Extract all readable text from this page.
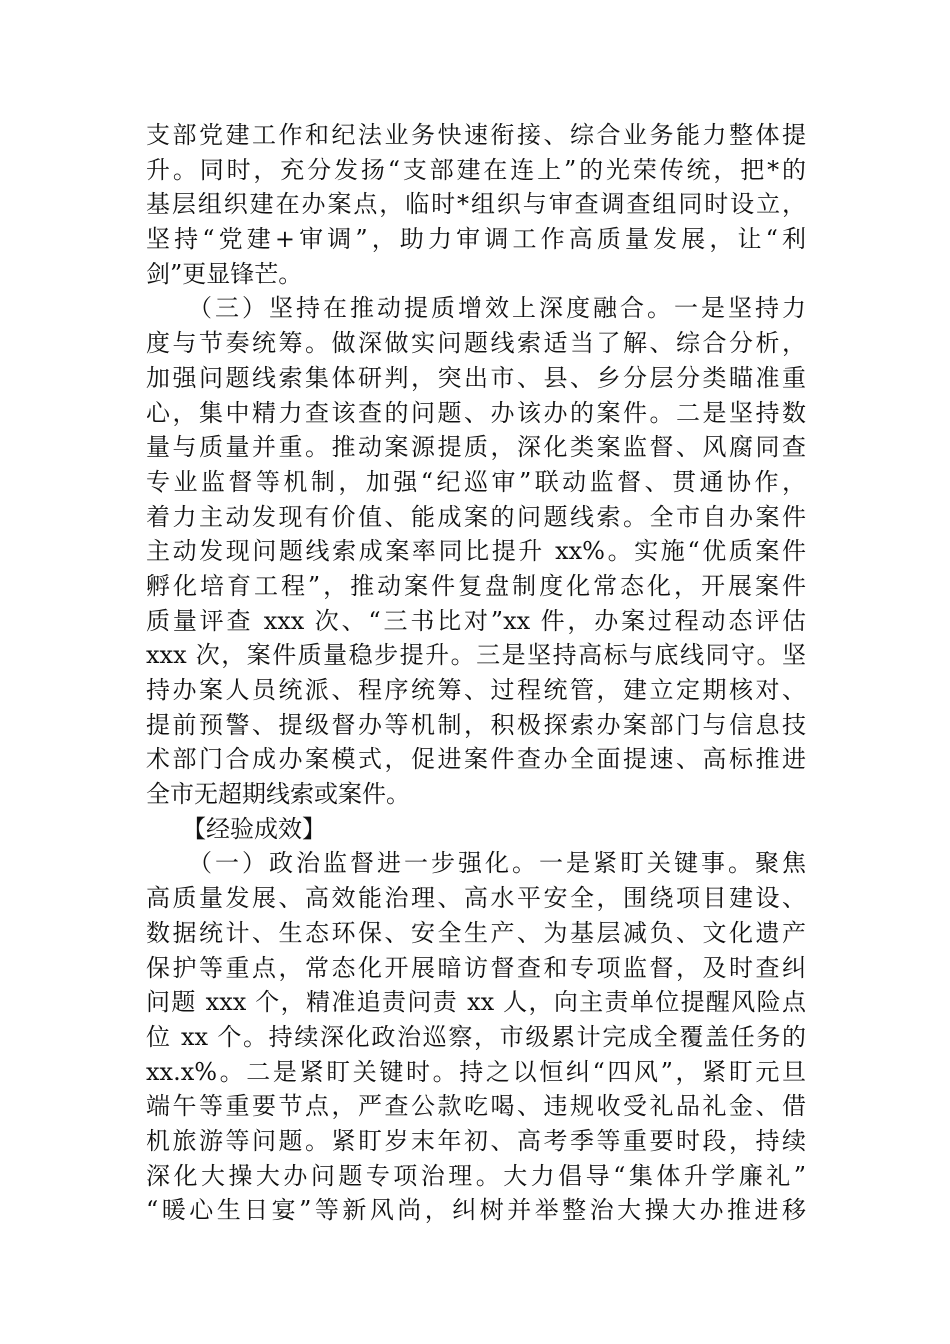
支部党建工作和纪法业务快速衔接、综合业务能力整体提
升。同时，充分发扬“支部建在连上”的光荣传统，把*的
基层组织建在办案点，临时*组织与审查调查组同时设立，
坚持“党建+审调”，助力审调工作高质量发展，让“利
剑”更显锋芒。
　　（三）坚持在推动提质增效上深度融合。一是坚持力
度与节奏统筹。做深做实问题线索适当了解、综合分析，
加强问题线索集体研判，突出市、县、乡分层分类瞄准重
心，集中精力查该查的问题、办该办的案件。二是坚持数
量与质量并重。推动案源提质，深化类案监督、风腐同查
专业监督等机制，加强“纪巡审”联动监督、贯通协作，
着力主动发现有价值、能成案的问题线索。全市自办案件
主动发现问题线索成案率同比提升 xx%。实施“优质案件
孵化培育工程”，推动案件复盘制度化常态化，开展案件
质量评查 xxx 次、“三书比对”xx 件，办案过程动态评估
xxx 次，案件质量稳步提升。三是坚持高标与底线同守。坚
持办案人员统派、程序统筹、过程统管，建立定期核对、
提前预警、提级督办等机制，积极探索办案部门与信息技
术部门合成办案模式，促进案件查办全面提速、高标推进
全市无超期线索或案件。
　　【经验成效】
　　（一）政治监督进一步强化。一是紧盯关键事。聚焦
高质量发展、高效能治理、高水平安全，围绕项目建设、
数据统计、生态环保、安全生产、为基层减负、文化遗产
保护等重点，常态化开展暗访督查和专项监督，及时查纠
问题 xxx 个，精准追责问责 xx 人，向主责单位提醒风险点
位 xx 个。持续深化政治巡察，市级累计完成全覆盖任务的
xx.x%。二是紧盯关键时。持之以恒纠“四风”，紧盯元旦
端午等重要节点，严查公款吃喝、违规收受礼品礼金、借
机旅游等问题。紧盯岁末年初、高考季等重要时段，持续
深化大操大办问题专项治理。大力倡导“集体升学廉礼”
“暖心生日宴”等新风尚，纠树并举整治大操大办推进移
